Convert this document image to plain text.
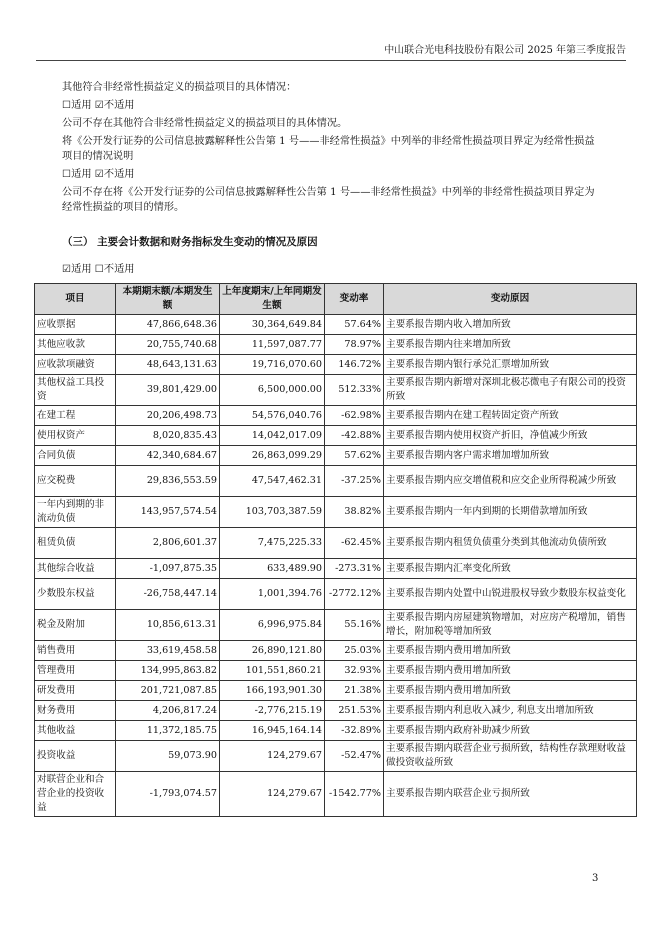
中山联合光电科技股份有限公司 2025 年第三季度报告
其他符合非经常性损益定义的损益项目的具体情况：
☐适用 ☑不适用
公司不存在其他符合非经常性损益定义的损益项目的具体情况。
将《公开发行证券的公司信息披露解释性公告第 1 号——非经常性损益》中列举的非经常性损益项目界定为经常性损益项目的情况说明
☐适用 ☑不适用
公司不存在将《公开发行证券的公司信息披露解释性公告第 1 号——非经常性损益》中列举的非经常性损益项目界定为经常性损益的项目的情形。
（三） 主要会计数据和财务指标发生变动的情况及原因
☑适用 ☐不适用
项目	本期期末额/本期发生额	上年度期末/上年同期发生额	变动率	变动原因
应收票据	47,866,648.36	30,364,649.84	57.64%	主要系报告期内收入增加所致
其他应收款	20,755,740.68	11,597,087.77	78.97%	主要系报告期内往来增加所致
应收款项融资	48,643,131.63	19,716,070.60	146.72%	主要系报告期内银行承兑汇票增加所致
其他权益工具投资	39,801,429.00	6,500,000.00	512.33%	主要系报告期内新增对深圳北极芯微电子有限公司的投资所致
在建工程	20,206,498.73	54,576,040.76	-62.98%	主要系报告期内在建工程转固定资产所致
使用权资产	8,020,835.43	14,042,017.09	-42.88%	主要系报告期内使用权资产折旧，净值减少所致
合同负债	42,340,684.67	26,863,099.29	57.62%	主要系报告期内客户需求增加增加所致
应交税费	29,836,553.59	47,547,462.31	-37.25%	主要系报告期内应交增值税和应交企业所得税减少所致
一年内到期的非流动负债	143,957,574.54	103,703,387.59	38.82%	主要系报告期内一年内到期的长期借款增加所致
租赁负债	2,806,601.37	7,475,225.33	-62.45%	主要系报告期内租赁负债重分类到其他流动负债所致
其他综合收益	-1,097,875.35	633,489.90	-273.31%	主要系报告期内汇率变化所致
少数股东权益	-26,758,447.14	1,001,394.76	-2772.12%	主要系报告期内处置中山锐进股权导致少数股东权益变化
税金及附加	10,856,613.31	6,996,975.84	55.16%	主要系报告期内房屋建筑物增加，对应房产税增加，销售增长，附加税等增加所致
销售费用	33,619,458.58	26,890,121.80	25.03%	主要系报告期内费用增加所致
管理费用	134,995,863.82	101,551,860.21	32.93%	主要系报告期内费用增加所致
研发费用	201,721,087.85	166,193,901.30	21.38%	主要系报告期内费用增加所致
财务费用	4,206,817.24	-2,776,215.19	251.53%	主要系报告期内利息收入减少, 利息支出增加所致
其他收益	11,372,185.75	16,945,164.14	-32.89%	主要系报告期内政府补助减少所致
投资收益	59,073.90	124,279.67	-52.47%	主要系报告期内联营企业亏损所致，结构性存款理财收益做投资收益所致
对联营企业和合营企业的投资收益	-1,793,074.57	124,279.67	-1542.77%	主要系报告期内联营企业亏损所致
3
